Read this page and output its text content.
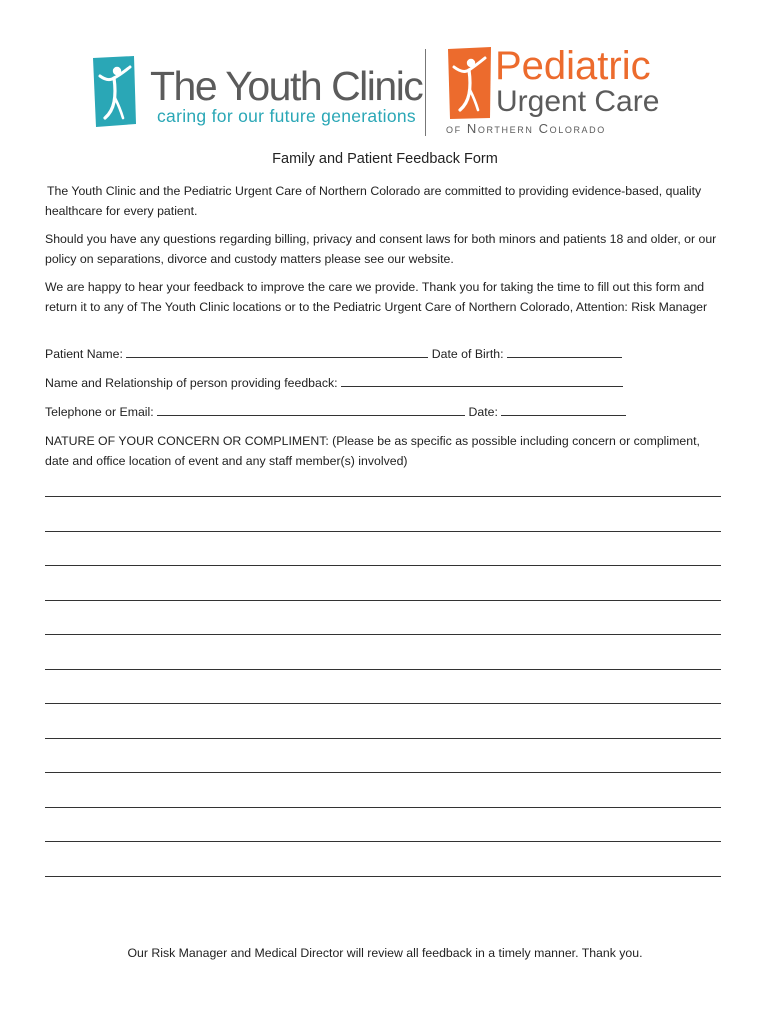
The Youth Clinic
caring for our future generations
Pediatric
Urgent Care
of Northern Colorado
Family and Patient Feedback Form
The Youth Clinic and the Pediatric Urgent Care of Northern Colorado are committed to providing evidence-based, quality healthcare for every patient.
Should you have any questions regarding billing, privacy and consent laws for both minors and patients 18 and older, or our policy on separations, divorce and custody matters please see our website.
We are happy to hear your feedback to improve the care we provide. Thank you for taking the time to fill out this form and return it to any of The Youth Clinic locations or to the Pediatric Urgent Care of Northern Colorado, Attention: Risk Manager
Patient Name:	Date of Birth:
Name and Relationship of person providing feedback:
Telephone or Email:	Date:
NATURE OF YOUR CONCERN OR COMPLIMENT: (Please be as specific as possible including concern or compliment, date and office location of event and any staff member(s) involved)
Our Risk Manager and Medical Director will review all feedback in a timely manner. Thank you.
